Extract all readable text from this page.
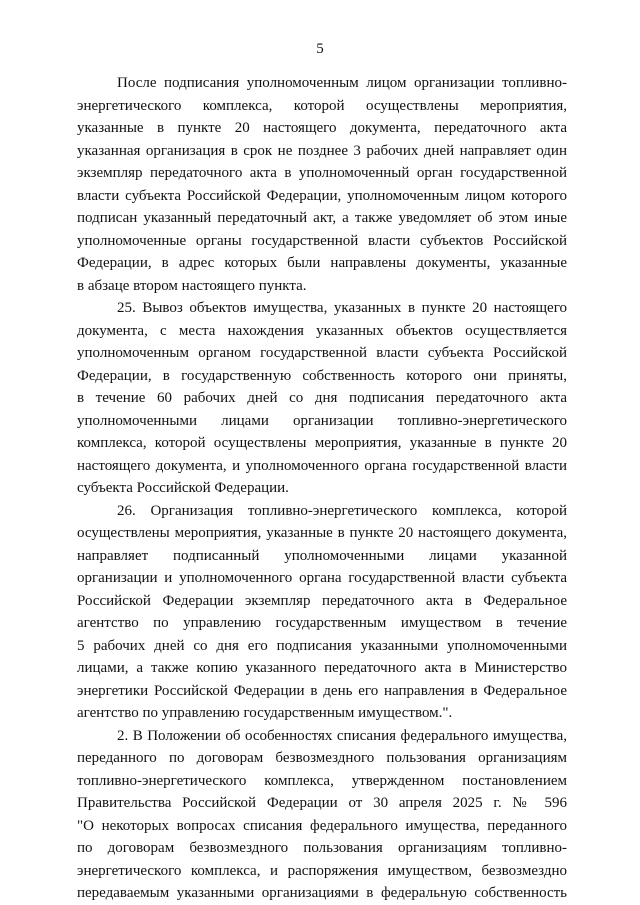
5
После подписания уполномоченным лицом организации топливно-
энергетического комплекса, которой осуществлены мероприятия,
указанные в пункте 20 настоящего документа, передаточного акта
указанная организация в срок не позднее 3 рабочих дней направляет один
экземпляр передаточного акта в уполномоченный орган государственной
власти субъекта Российской Федерации, уполномоченным лицом которого
подписан указанный передаточный акт, а также уведомляет об этом иные
уполномоченные органы государственной власти субъектов Российской
Федерации, в адрес которых были направлены документы, указанные
в абзаце втором настоящего пункта.
25. Вывоз объектов имущества, указанных в пункте 20 настоящего
документа, с места нахождения указанных объектов осуществляется
уполномоченным органом государственной власти субъекта Российской
Федерации, в государственную собственность которого они приняты,
в течение 60 рабочих дней со дня подписания передаточного акта
уполномоченными лицами организации топливно-энергетического
комплекса, которой осуществлены мероприятия, указанные в пункте 20
настоящего документа, и уполномоченного органа государственной власти
субъекта Российской Федерации.
26. Организация топливно-энергетического комплекса, которой
осуществлены мероприятия, указанные в пункте 20 настоящего документа,
направляет подписанный уполномоченными лицами указанной
организации и уполномоченного органа государственной власти субъекта
Российской Федерации экземпляр передаточного акта в Федеральное
агентство по управлению государственным имуществом в течение
5 рабочих дней со дня его подписания указанными уполномоченными
лицами, а также копию указанного передаточного акта в Министерство
энергетики Российской Федерации в день его направления в Федеральное
агентство по управлению государственным имуществом.".
2. В Положении об особенностях списания федерального имущества,
переданного по договорам безвозмездного пользования организациям
топливно-энергетического комплекса, утвержденном постановлением
Правительства Российской Федерации от 30 апреля 2025 г. № 596
"О некоторых вопросах списания федерального имущества, переданного
по договорам безвозмездного пользования организациям топливно-
энергетического комплекса, и распоряжения имуществом, безвозмездно
передаваемым указанными организациями в федеральную собственность
